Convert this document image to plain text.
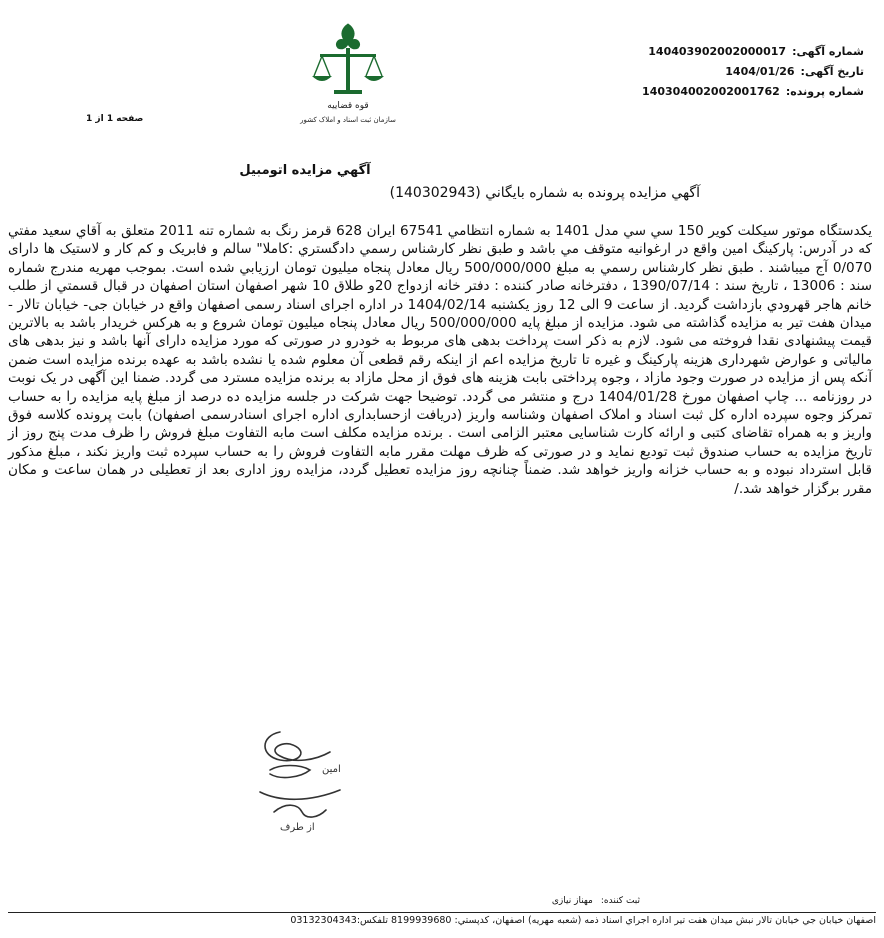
شماره آگهی:
140403902002000017
تاریخ آگهی:
1404/01/26
شماره پرونده:
140304002002001762
قوه قضاییه
سازمان ثبت اسناد و املاک کشور
صفحه 1 از 1
آگهي مزايده اتومبيل
آگهي مزايده پرونده به شماره بايگاني (140302943)
يكدستگاه موتور سيكلت كوير 150 سي سي مدل 1401 به شماره انتظامي 67541 ايران 628 قرمز رنگ به شماره تنه 2011 متعلق به آقاي سعيد مفتي كه در آدرس: پاركينگ امين واقع در ارغوانيه متوقف مي باشد و طبق نظر كارشناس رسمي دادگستري :كاملا" سالم و فابريک و كم كار و لاستيک ها داراى 0/070 آج ميباشند . طبق نظر كارشناس رسمي به مبلغ 500/000/000 ريال معادل پنجاه ميليون تومان ارزيابي شده است. بموجب مهريه مندرج شماره سند : 13006 ، تاريخ سند : 1390/07/14 ، دفترخانه صادر كننده : دفتر خانه ازدواج 20و طلاق 10 شهر اصفهان استان اصفهان در قبال قسمتي از طلب خانم هاجر قهرودي بازداشت گرديد. از ساعت 9 الی 12 روز يكشنبه 1404/02/14 در اداره اجرای اسناد رسمی اصفهان واقع در خيابان جی- خيابان تالار - ميدان هفت تير به مزايده گذاشته می شود. مزايده از مبلغ پايه 500/000/000 ريال معادل پنجاه ميليون تومان شروع و به هركس خريدار باشد به بالاترين قيمت پيشنهادی نقدا فروخته می شود. لازم به ذكر است پرداخت بدهی های مربوط به خودرو در صورتی كه مورد مزايده دارای آنها باشد و نيز بدهی های مالياتی و عوارض شهرداری هزينه پاركينگ و غيره تا تاريخ مزايده اعم از اينكه رقم قطعی آن معلوم شده يا نشده باشد به عهده برنده مزايده است ضمن آنكه پس از مزايده در صورت وجود مازاد ، وجوه پرداختی بابت هزينه های فوق از محل مازاد به برنده مزايده مسترد می گردد. ضمنا اين آگهی در يک نوبت در روزنامه ... چاپ اصفهان مورخ 1404/01/28 درج و منتشر می گردد. توضيحا جهت شركت در جلسه مزايده ده درصد از مبلغ پايه مزايده را به حساب تمركز وجوه سپرده اداره كل ثبت اسناد و املاک اصفهان وشناسه واريز (دريافت ازحسابداری اداره اجرای اسنادرسمی اصفهان) بابت پرونده كلاسه فوق واريز و به همراه تقاضای كتبی و ارائه كارت شناسايی معتبر الزامی است . برنده مزايده مكلف است مابه التفاوت مبلغ فروش را ظرف مدت پنج روز از تاريخ مزايده به حساب صندوق ثبت توديع نمايد و در صورتی كه ظرف مهلت مقرر مابه التفاوت فروش را به حساب سپرده ثبت واريز نكند ، مبلغ مذكور قابل استرداد نبوده و به حساب خزانه واريز خواهد شد. ضمناً چنانچه روز مزايده تعطيل گردد، مزايده روز اداری بعد از تعطيلی در همان ساعت و مكان مقرر برگزار خواهد شد./
امین
از طرف
ثبت كننده:
مهناز نیازی
اصفهان خيابان جي خيابان تالار نبش ميدان هفت تير اداره اجراي اسناد ذمه (شعبه مهريه) اصفهان، كدپستي: 8199939680 تلفكس:03132304343
